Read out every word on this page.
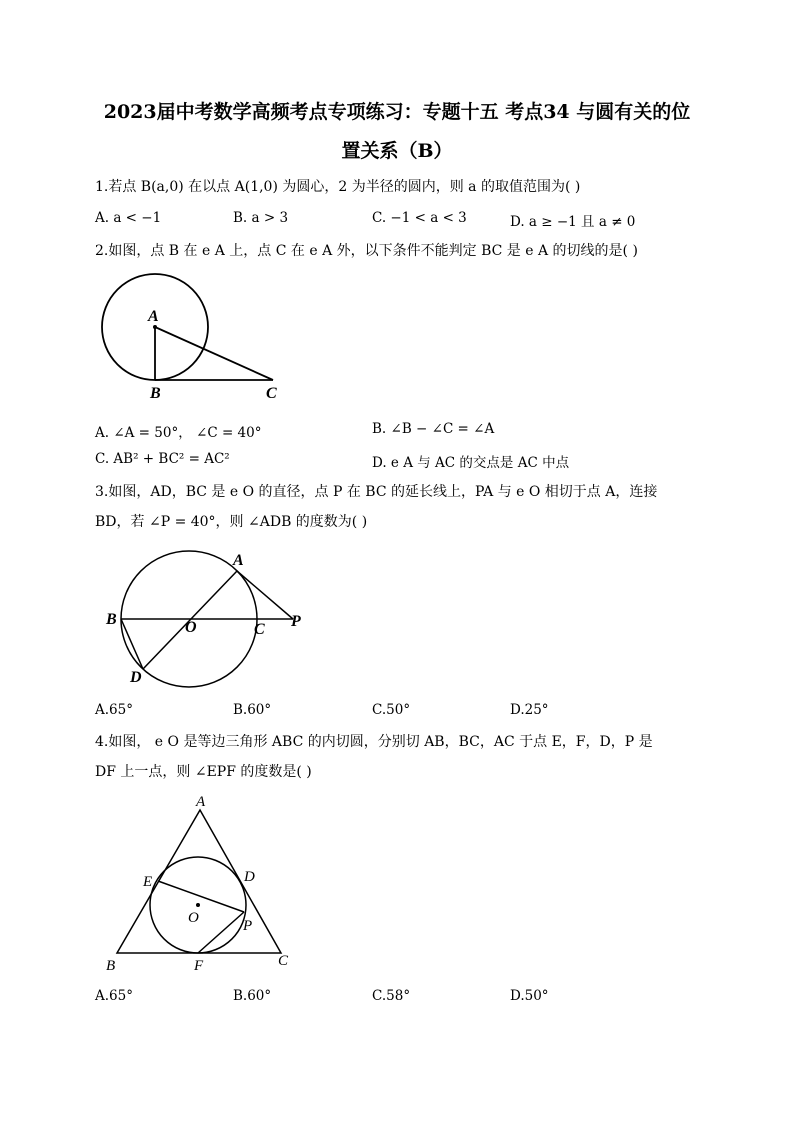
2023届中考数学高频考点专项练习：专题十五 考点34 与圆有关的位
置关系（B）
1.若点 B(a,0) 在以点 A(1,0) 为圆心，2 为半径的圆内，则 a 的取值范围为( )
A. a < −1	B. a > 3	C. −1 < a < 3	D. a ≥ −1 且 a ≠ 0
2.如图，点 B 在 e A 上，点 C 在 e A 外，以下条件不能判定 BC 是 e A 的切线的是( )
A
B	C
A. ∠A = 50°， ∠C = 40°	B. ∠B − ∠C = ∠A
C. AB² + BC² = AC²	D. e A 与 AC 的交点是 AC 中点
3.如图，AD，BC 是 e O 的直径，点 P 在 BC 的延长线上，PA 与 e O 相切于点 A，连接
BD，若 ∠P = 40°，则 ∠ADB 的度数为( )
A
B	O	C P
D
A.65°	B.60°	C.50°	D.25°
4.如图， e O 是等边三角形 ABC 的内切圆，分别切 AB，BC，AC 于点 E，F，D，P 是
DF 上一点，则 ∠EPF 的度数是( )
A
E	D
O	P
B	F	C
A.65°	B.60°	C.58°	D.50°
